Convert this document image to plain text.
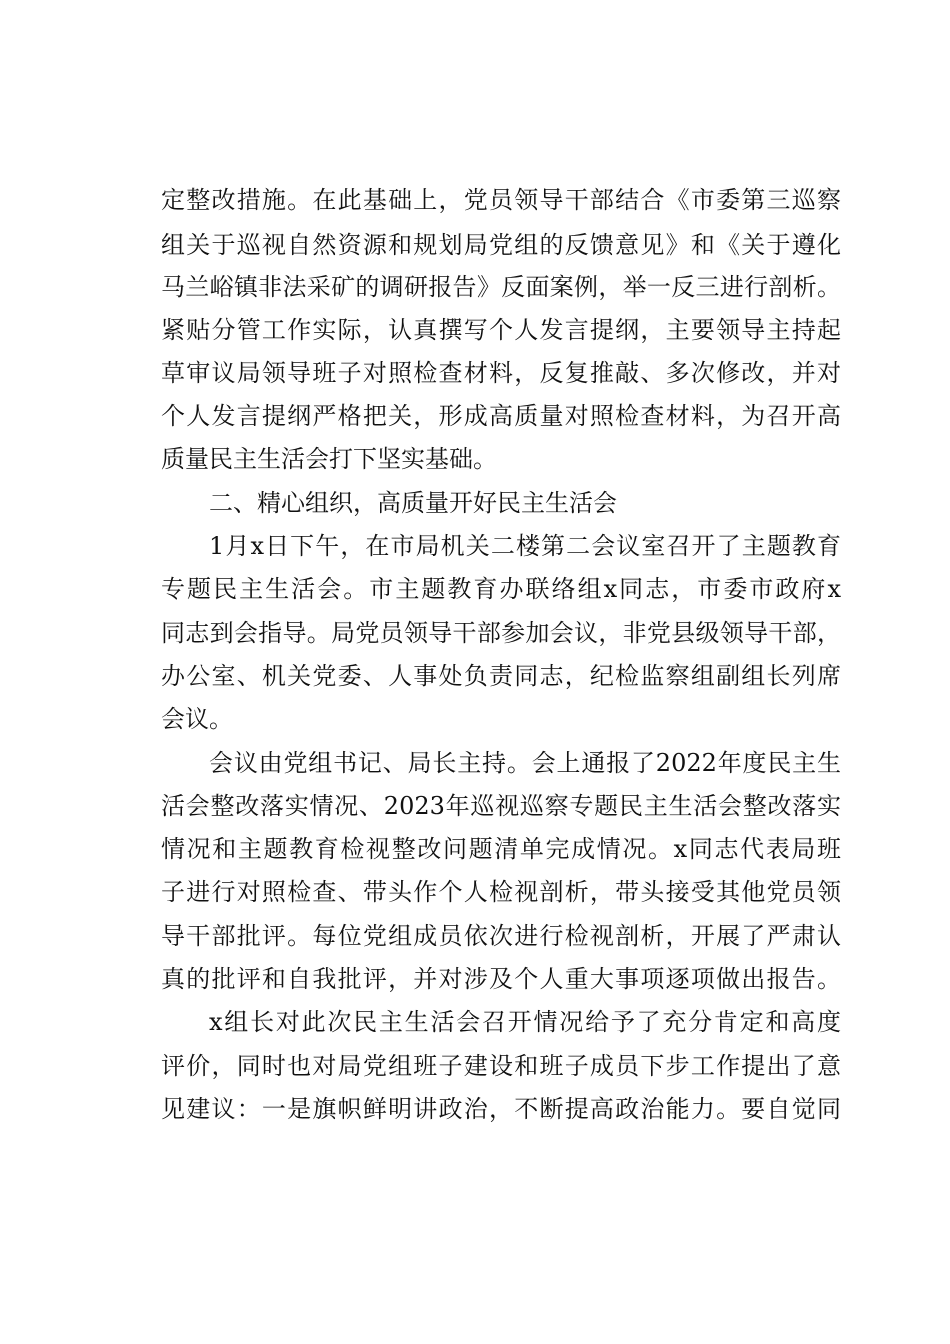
定整改措施。在此基础上，党员领导干部结合《市委第三巡察
组关于巡视自然资源和规划局党组的反馈意见》和《关于遵化
马兰峪镇非法采矿的调研报告》反面案例，举一反三进行剖析。
紧贴分管工作实际，认真撰写个人发言提纲，主要领导主持起
草审议局领导班子对照检查材料，反复推敲、多次修改，并对
个人发言提纲严格把关，形成高质量对照检查材料，为召开高
质量民主生活会打下坚实基础。
二、精心组织，高质量开好民主生活会
1月x日下午，在市局机关二楼第二会议室召开了主题教育
专题民主生活会。市主题教育办联络组x同志，市委市政府x
同志到会指导。局党员领导干部参加会议，非党县级领导干部，
办公室、机关党委、人事处负责同志，纪检监察组副组长列席
会议。
会议由党组书记、局长主持。会上通报了2022年度民主生
活会整改落实情况、2023年巡视巡察专题民主生活会整改落实
情况和主题教育检视整改问题清单完成情况。x同志代表局班
子进行对照检查、带头作个人检视剖析，带头接受其他党员领
导干部批评。每位党组成员依次进行检视剖析，开展了严肃认
真的批评和自我批评，并对涉及个人重大事项逐项做出报告。
x组长对此次民主生活会召开情况给予了充分肯定和高度
评价，同时也对局党组班子建设和班子成员下步工作提出了意
见建议：一是旗帜鲜明讲政治，不断提高政治能力。要自觉同
